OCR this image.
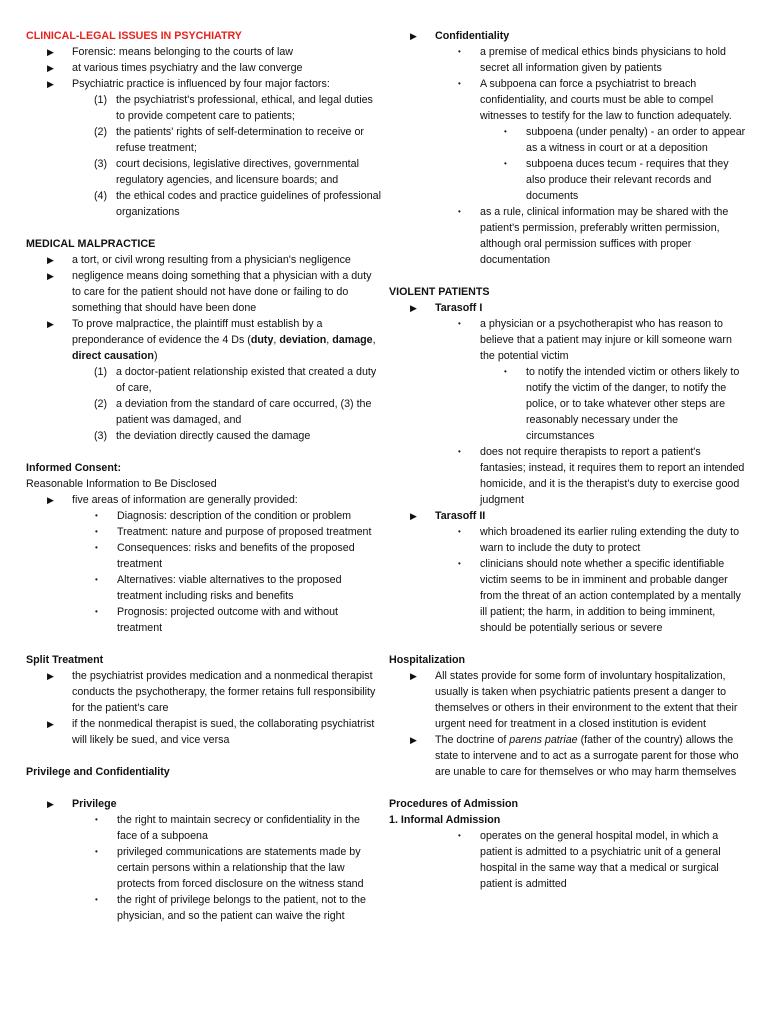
CLINICAL-LEGAL ISSUES IN PSYCHIATRY
▶ Forensic: means belonging to the courts of law
▶ at various times psychiatry and the law converge
▶ Psychiatric practice is influenced by four major factors:
(1) the psychiatrist's professional, ethical, and legal duties to provide competent care to patients;
(2) the patients' rights of self-determination to receive or refuse treatment;
(3) court decisions, legislative directives, governmental regulatory agencies, and licensure boards; and
(4) the ethical codes and practice guidelines of professional organizations
MEDICAL MALPRACTICE
▶ a tort, or civil wrong resulting from a physician's negligence
▶ negligence means doing something that a physician with a duty to care for the patient should not have done or failing to do something that should have been done
▶ To prove malpractice, the plaintiff must establish by a preponderance of evidence the 4 Ds (duty, deviation, damage, direct causation)
(1) a doctor-patient relationship existed that created a duty of care,
(2) a deviation from the standard of care occurred, (3) the patient was damaged, and
(3) the deviation directly caused the damage
Informed Consent:
Reasonable Information to Be Disclosed
▶ five areas of information are generally provided:
• Diagnosis: description of the condition or problem
• Treatment: nature and purpose of proposed treatment
• Consequences: risks and benefits of the proposed treatment
• Alternatives: viable alternatives to the proposed treatment including risks and benefits
• Prognosis: projected outcome with and without treatment
Split Treatment
▶ the psychiatrist provides medication and a nonmedical therapist conducts the psychotherapy, the former retains full responsibility for the patient's care
▶ if the nonmedical therapist is sued, the collaborating psychiatrist will likely be sued, and vice versa
Privilege and Confidentiality
▶ Privilege
• the right to maintain secrecy or confidentiality in the face of a subpoena
• privileged communications are statements made by certain persons within a relationship that the law protects from forced disclosure on the witness stand
• the right of privilege belongs to the patient, not to the physician, and so the patient can waive the right
▶ Confidentiality
• a premise of medical ethics binds physicians to hold secret all information given by patients
• A subpoena can force a psychiatrist to breach confidentiality, and courts must be able to compel witnesses to testify for the law to function adequately.
• subpoena (under penalty) - an order to appear as a witness in court or at a deposition
• subpoena duces tecum - requires that they also produce their relevant records and documents
• as a rule, clinical information may be shared with the patient's permission, preferably written permission, although oral permission suffices with proper documentation
VIOLENT PATIENTS
▶ Tarasoff I
• a physician or a psychotherapist who has reason to believe that a patient may injure or kill someone warn the potential victim
• to notify the intended victim or others likely to notify the victim of the danger, to notify the police, or to take whatever other steps are reasonably necessary under the circumstances
• does not require therapists to report a patient's fantasies; instead, it requires them to report an intended homicide, and it is the therapist's duty to exercise good judgment
▶ Tarasoff II
• which broadened its earlier ruling extending the duty to warn to include the duty to protect
• clinicians should note whether a specific identifiable victim seems to be in imminent and probable danger from the threat of an action contemplated by a mentally ill patient; the harm, in addition to being imminent, should be potentially serious or severe
Hospitalization
▶ All states provide for some form of involuntary hospitalization, usually is taken when psychiatric patients present a danger to themselves or others in their environment to the extent that their urgent need for treatment in a closed institution is evident
▶ The doctrine of parens patriae (father of the country) allows the state to intervene and to act as a surrogate parent for those who are unable to care for themselves or who may harm themselves
Procedures of Admission
1. Informal Admission
• operates on the general hospital model, in which a patient is admitted to a psychiatric unit of a general hospital in the same way that a medical or surgical patient is admitted
